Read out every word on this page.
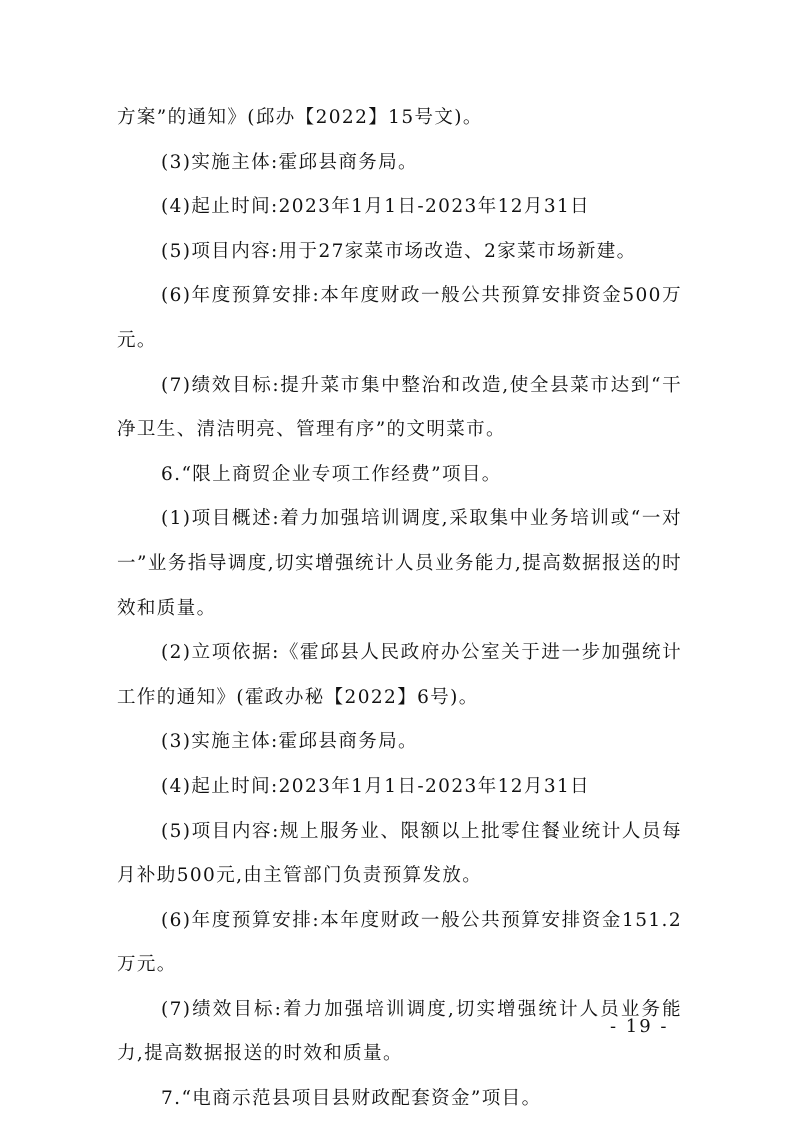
方案”的通知》(邱办【2022】15号文)。

(3)实施主体:霍邱县商务局。

(4)起止时间:2023年1月1日-2023年12月31日

(5)项目内容:用于27家菜市场改造、2家菜市场新建。

(6)年度预算安排:本年度财政一般公共预算安排资金500万元。

(7)绩效目标:提升菜市集中整治和改造,使全县菜市达到“干净卫生、清洁明亮、管理有序”的文明菜市。

6.“限上商贸企业专项工作经费”项目。

(1)项目概述:着力加强培训调度,采取集中业务培训或“一对一”业务指导调度,切实增强统计人员业务能力,提高数据报送的时效和质量。

(2)立项依据:《霍邱县人民政府办公室关于进一步加强统计工作的通知》(霍政办秘【2022】6号)。

(3)实施主体:霍邱县商务局。

(4)起止时间:2023年1月1日-2023年12月31日

(5)项目内容:规上服务业、限额以上批零住餐业统计人员每月补助500元,由主管部门负责预算发放。

(6)年度预算安排:本年度财政一般公共预算安排资金151.2万元。

(7)绩效目标:着力加强培训调度,切实增强统计人员业务能力,提高数据报送的时效和质量。

7.“电商示范县项目县财政配套资金”项目。

- 19 -
